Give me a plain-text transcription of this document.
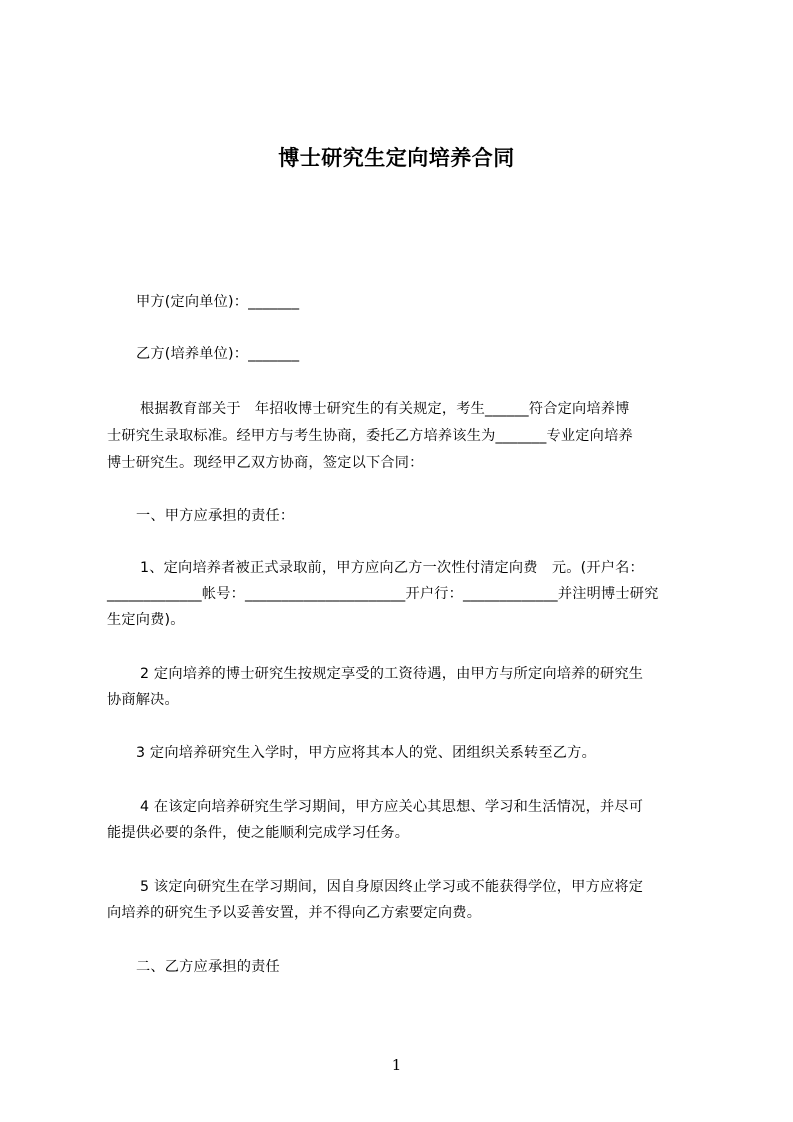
博士研究生定向培养合同
甲方(定向单位)：_______
乙方(培养单位)：_______
根据教育部关于   年招收博士研究生的有关规定，考生______符合定向培养博
士研究生录取标准。经甲方与考生协商，委托乙方培养该生为_______专业定向培养
博士研究生。现经甲乙双方协商，签定以下合同：
一、甲方应承担的责任：
1、定向培养者被正式录取前，甲方应向乙方一次性付清定向费   元。(开户名：
_____________帐号：______________________开户行：_____________并注明博士研究
生定向费)。
2 定向培养的博士研究生按规定享受的工资待遇，由甲方与所定向培养的研究生
协商解决。
3 定向培养研究生入学时，甲方应将其本人的党、团组织关系转至乙方。
4 在该定向培养研究生学习期间，甲方应关心其思想、学习和生活情况，并尽可
能提供必要的条件，使之能顺利完成学习任务。
5 该定向研究生在学习期间，因自身原因终止学习或不能获得学位，甲方应将定
向培养的研究生予以妥善安置，并不得向乙方索要定向费。
二、乙方应承担的责任
1
